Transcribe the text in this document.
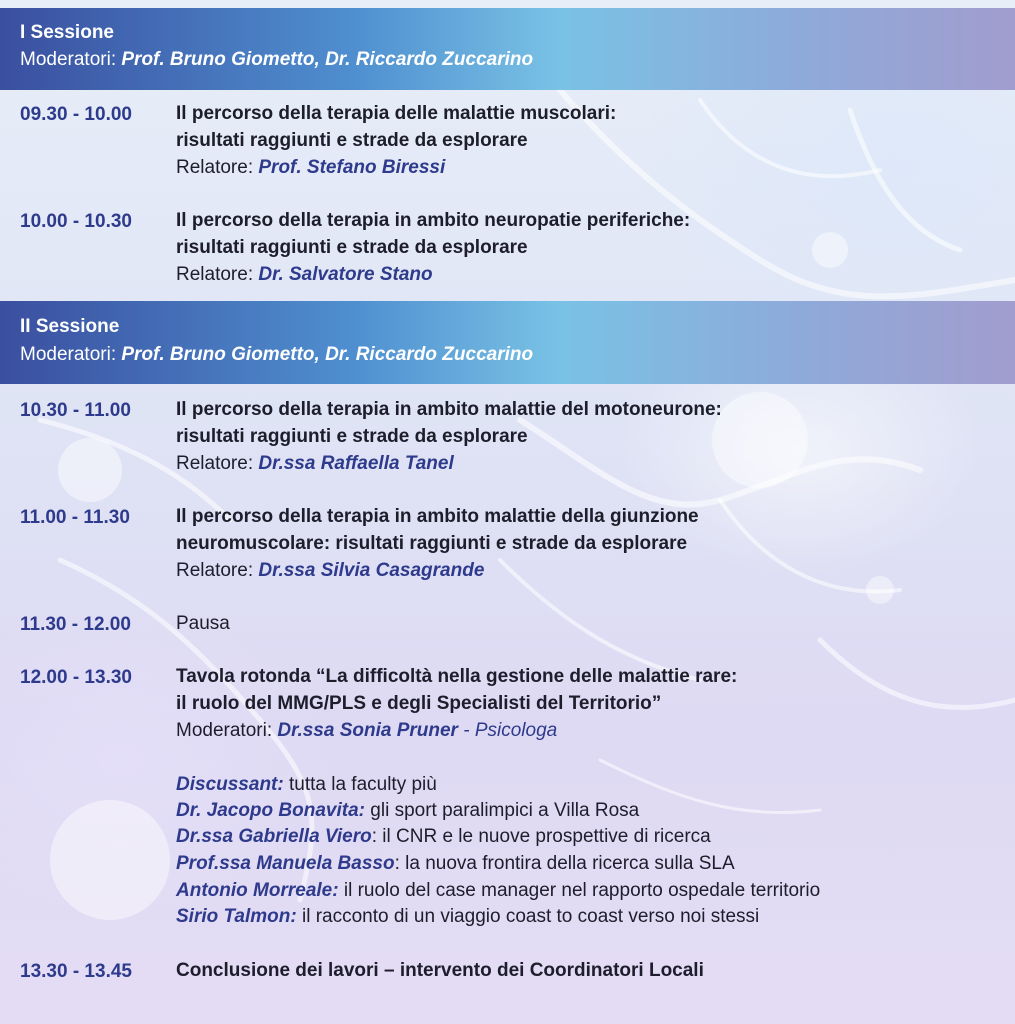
I Sessione
Moderatori: Prof. Bruno Giometto, Dr. Riccardo Zuccarino
09.30 - 10.00 Il percorso della terapia delle malattie muscolari:
risultati raggiunti e strade da esplorare
Relatore: Prof. Stefano Biressi
10.00 - 10.30 Il percorso della terapia in ambito neuropatie periferiche:
risultati raggiunti e strade da esplorare
Relatore: Dr. Salvatore Stano
II Sessione
Moderatori: Prof. Bruno Giometto, Dr. Riccardo Zuccarino
10.30 - 11.00 Il percorso della terapia in ambito malattie del motoneurone:
risultati raggiunti e strade da esplorare
Relatore: Dr.ssa Raffaella Tanel
11.00 - 11.30 Il percorso della terapia in ambito malattie della giunzione
neuromuscolare: risultati raggiunti e strade da esplorare
Relatore: Dr.ssa Silvia Casagrande
11.30 - 12.00 Pausa
12.00 - 13.30 Tavola rotonda “La difficoltà nella gestione delle malattie rare:
il ruolo del MMG/PLS e degli Specialisti del Territorio”
Moderatori: Dr.ssa Sonia Pruner - Psicologa
Discussant: tutta la faculty più
Dr. Jacopo Bonavita: gli sport paralimpici a Villa Rosa
Dr.ssa Gabriella Viero: il CNR e le nuove prospettive di ricerca
Prof.ssa Manuela Basso: la nuova frontira della ricerca sulla SLA
Antonio Morreale: il ruolo del case manager nel rapporto ospedale territorio
Sirio Talmon: il racconto di un viaggio coast to coast verso noi stessi
13.30 - 13.45 Conclusione dei lavori – intervento dei Coordinatori Locali
